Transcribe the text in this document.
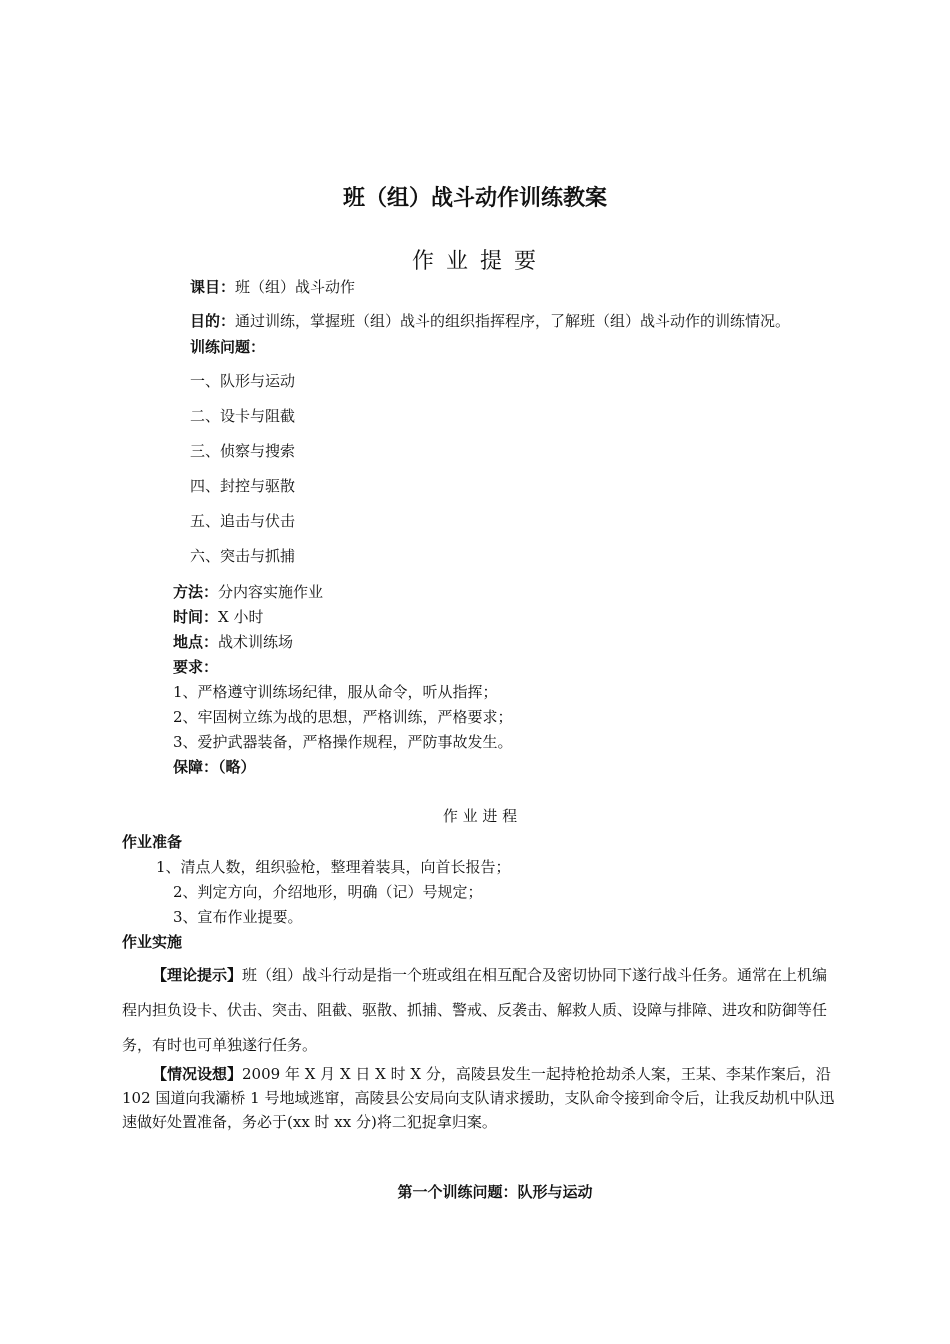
班（组）战斗动作训练教案
作业提要
课目：班（组）战斗动作
目的：通过训练，掌握班（组）战斗的组织指挥程序，了解班（组）战斗动作的训练情况。
训练问题：
一、队形与运动
二、设卡与阻截
三、侦察与搜索
四、封控与驱散
五、追击与伏击
六、突击与抓捕
方法：分内容实施作业
时间：X 小时
地点：战术训练场
要求：
1、严格遵守训练场纪律，服从命令，听从指挥；
2、牢固树立练为战的思想，严格训练，严格要求；
3、爱护武器装备，严格操作规程，严防事故发生。
保障：（略）
作 业 进 程
作业准备
1、清点人数，组织验枪，整理着装具，向首长报告；
2、判定方向，介绍地形，明确（记）号规定；
3、宣布作业提要。
作业实施
【理论提示】班（组）战斗行动是指一个班或组在相互配合及密切协同下遂行战斗任务。通常在上机编程内担负设卡、伏击、突击、阻截、驱散、抓捕、警戒、反袭击、解救人质、设障与排障、进攻和防御等任务，有时也可单独遂行任务。
【情况设想】2009 年 X 月 X 日 X 时 X 分，高陵县发生一起持枪抢劫杀人案，王某、李某作案后，沿 102 国道向我灞桥 1 号地域逃窜，高陵县公安局向支队请求援助，支队命令接到命令后，让我反劫机中队迅速做好处置准备，务必于(xx 时 xx 分)将二犯捉拿归案。
第一个训练问题：队形与运动
